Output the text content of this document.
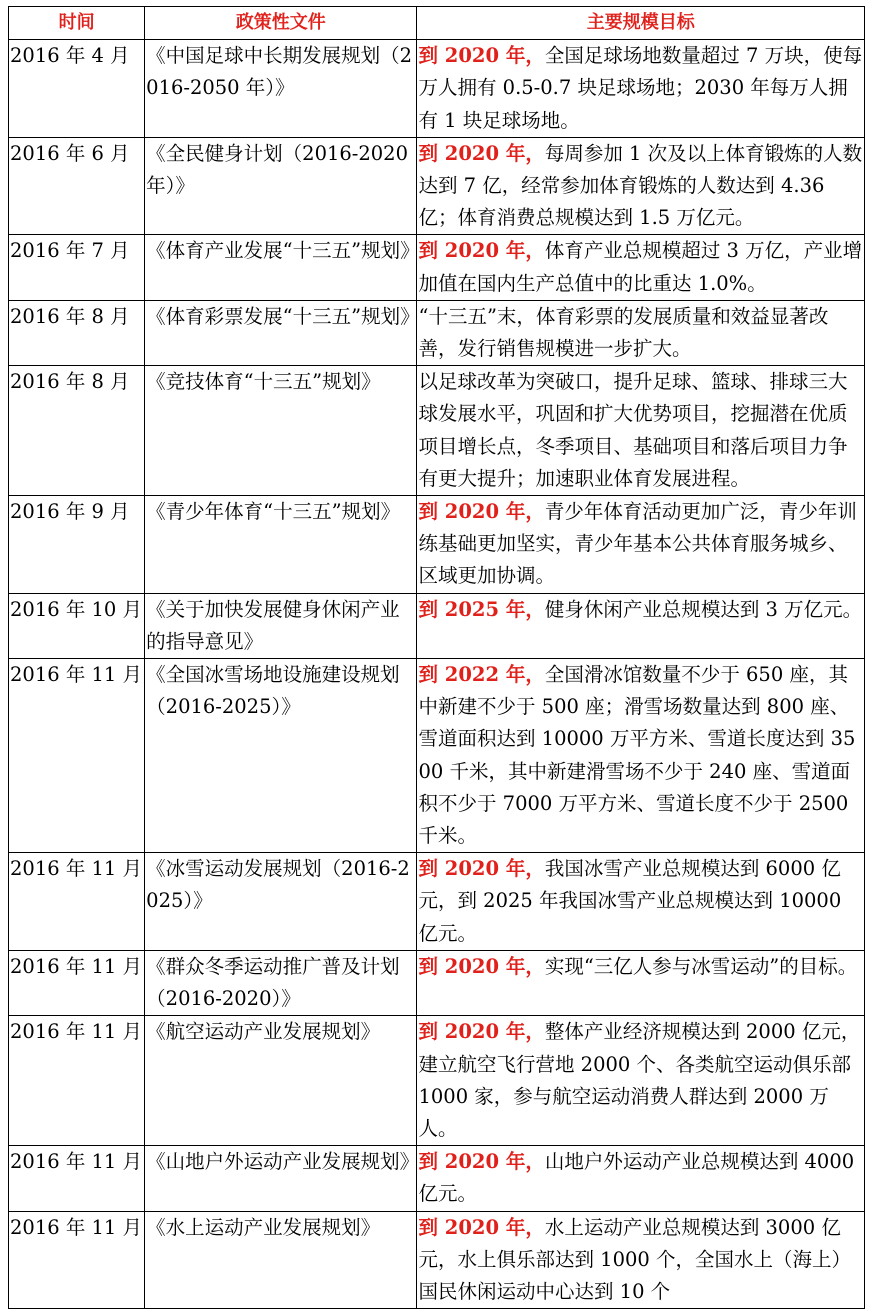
时间	政策性文件	主要规模目标
2016 年 4 月	《中国足球中长期发展规划（2016-2050 年）》	到 2020 年，全国足球场地数量超过 7 万块，使每万人拥有 0.5-0.7 块足球场地；2030 年每万人拥有 1 块足球场地。
2016 年 6 月	《全民健身计划（2016-2020 年）》	到 2020 年，每周参加 1 次及以上体育锻炼的人数达到 7 亿，经常参加体育锻炼的人数达到 4.36 亿；体育消费总规模达到 1.5 万亿元。
2016 年 7 月	《体育产业发展“十三五”规划》	到 2020 年，体育产业总规模超过 3 万亿，产业增加值在国内生产总值中的比重达 1.0%。
2016 年 8 月	《体育彩票发展“十三五”规划》	“十三五”末，体育彩票的发展质量和效益显著改善，发行销售规模进一步扩大。
2016 年 8 月	《竞技体育“十三五”规划》	以足球改革为突破口，提升足球、篮球、排球三大球发展水平，巩固和扩大优势项目，挖掘潜在优质项目增长点，冬季项目、基础项目和落后项目力争有更大提升；加速职业体育发展进程。
2016 年 9 月	《青少年体育“十三五”规划》	到 2020 年，青少年体育活动更加广泛，青少年训练基础更加坚实，青少年基本公共体育服务城乡、区域更加协调。
2016 年 10 月	《关于加快发展健身休闲产业的指导意见》	到 2025 年，健身休闲产业总规模达到 3 万亿元。
2016 年 11 月	《全国冰雪场地设施建设规划（2016-2025）》	到 2022 年，全国滑冰馆数量不少于 650 座，其中新建不少于 500 座；滑雪场数量达到 800 座、雪道面积达到 10000 万平方米、雪道长度达到 3500 千米，其中新建滑雪场不少于 240 座、雪道面积不少于 7000 万平方米、雪道长度不少于 2500 千米。
2016 年 11 月	《冰雪运动发展规划（2016-2025）》	到 2020 年，我国冰雪产业总规模达到 6000 亿元，到 2025 年我国冰雪产业总规模达到 10000 亿元。
2016 年 11 月	《群众冬季运动推广普及计划（2016-2020）》	到 2020 年，实现“三亿人参与冰雪运动”的目标。
2016 年 11 月	《航空运动产业发展规划》	到 2020 年，整体产业经济规模达到 2000 亿元，建立航空飞行营地 2000 个、各类航空运动俱乐部 1000 家，参与航空运动消费人群达到 2000 万人。
2016 年 11 月	《山地户外运动产业发展规划》	到 2020 年，山地户外运动产业总规模达到 4000 亿元。
2016 年 11 月	《水上运动产业发展规划》	到 2020 年，水上运动产业总规模达到 3000 亿元，水上俱乐部达到 1000 个，全国水上（海上）国民休闲运动中心达到 10 个
